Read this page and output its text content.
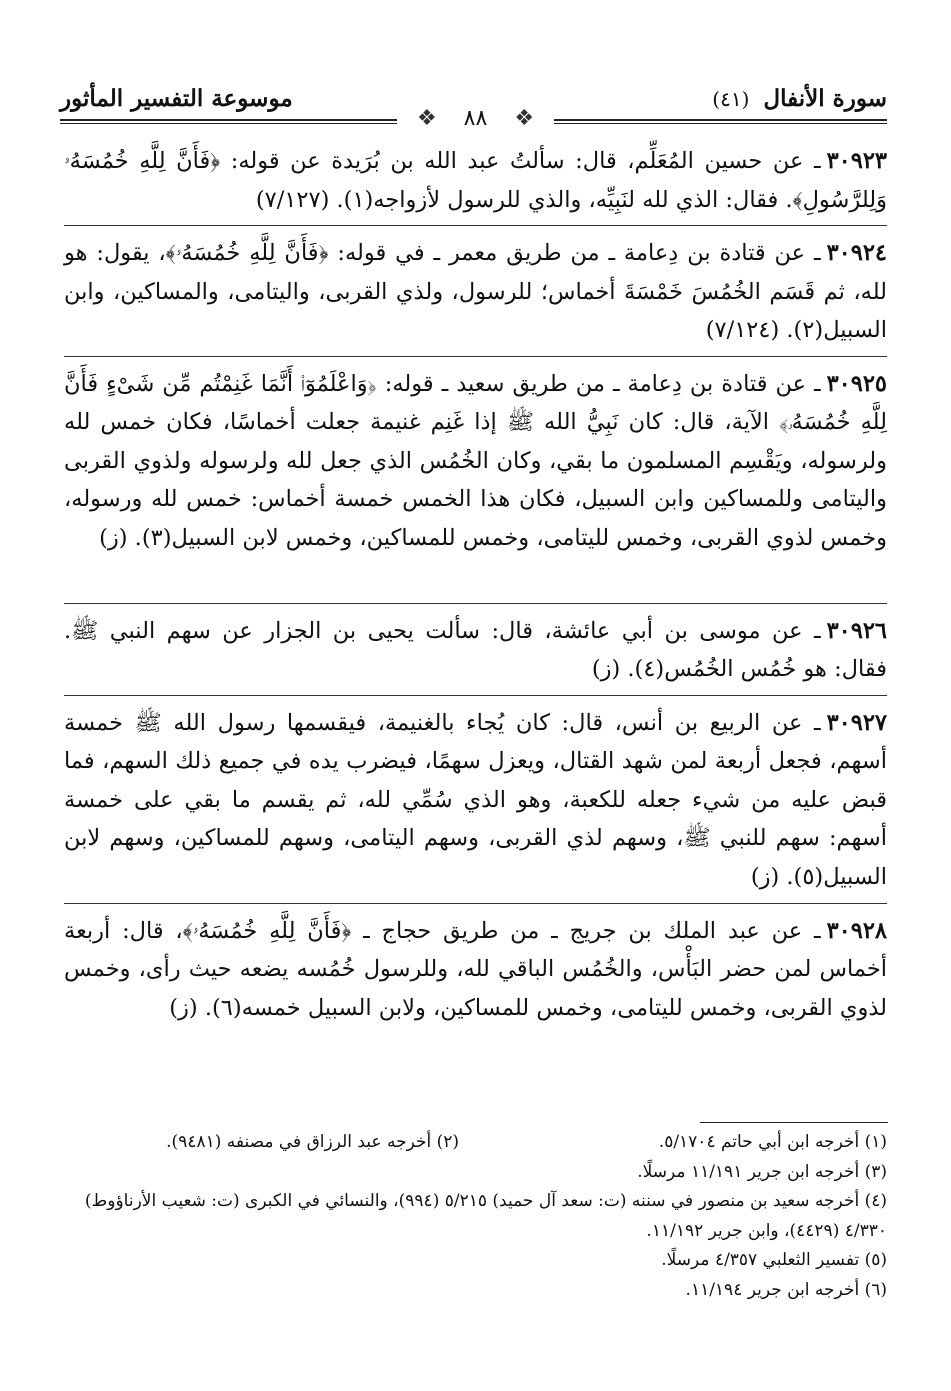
سورة الأنفال
(٤١)
موسوعة التفسير المأثور
❖ ٨٨ ❖

٣٠٩٢٣ـ عن حسين المُعَلِّم، قال: سألتُ عبد الله بن بُرَيدة عن قوله: ﴿فَأَنَّ لِلَّهِ خُمُسَهُۥ وَلِلرَّسُولِ﴾. فقال: الذي لله لنَبِيِّه، والذي للرسول لأزواجه(١). (٧/١٢٧)

٣٠٩٢٤ـ عن قتادة بن دِعامة ـ من طريق معمر ـ في قوله: ﴿فَأَنَّ لِلَّهِ خُمُسَهُۥ﴾، يقول: هو لله، ثم قَسَم الخُمُسَ خَمْسَةَ أخماس؛ للرسول، ولذي القربى، واليتامى، والمساكين، وابن السبيل(٢). (٧/١٢٤)

٣٠٩٢٥ـ عن قتادة بن دِعامة ـ من طريق سعيد ـ قوله: ﴿وَاعْلَمُوٓا۟ أَنَّمَا غَنِمْتُم مِّن شَىْءٍ فَأَنَّ لِلَّهِ خُمُسَهُۥ﴾ الآية، قال: كان نَبِيُّ الله ﷺ إذا غَنِم غنيمة جعلت أخماسًا، فكان خمس لله ولرسوله، ويَقْسِم المسلمون ما بقي، وكان الخُمُس الذي جعل لله ولرسوله ولذوي القربى واليتامى وللمساكين وابن السبيل، فكان هذا الخمس خمسة أخماس: خمس لله ورسوله، وخمس لذوي القربى، وخمس لليتامى، وخمس للمساكين، وخمس لابن السبيل(٣). (ز)

٣٠٩٢٦ـ عن موسى بن أبي عائشة، قال: سألت يحيى بن الجزار عن سهم النبي ﷺ. فقال: هو خُمُس الخُمُس(٤). (ز)

٣٠٩٢٧ـ عن الربيع بن أنس، قال: كان يُجاء بالغنيمة، فيقسمها رسول الله ﷺ خمسة أسهم، فجعل أربعة لمن شهد القتال، ويعزل سهمًا، فيضرب يده في جميع ذلك السهم، فما قبض عليه من شيء جعله للكعبة، وهو الذي سُمِّي لله، ثم يقسم ما بقي على خمسة أسهم: سهم للنبي ﷺ، وسهم لذي القربى، وسهم اليتامى، وسهم للمساكين، وسهم لابن السبيل(٥). (ز)

٣٠٩٢٨ـ عن عبد الملك بن جريج ـ من طريق حجاج ـ ﴿فَأَنَّ لِلَّهِ خُمُسَهُۥ﴾، قال: أربعة أخماس لمن حضر البَأْس، والخُمُس الباقي لله، وللرسول خُمُسه يضعه حيث رأى، وخمس لذوي القربى، وخمس لليتامى، وخمس للمساكين، ولابن السبيل خمسه(٦). (ز)

(١) أخرجه ابن أبي حاتم ٥/١٧٠٤.
(٢) أخرجه عبد الرزاق في مصنفه (٩٤٨١).
(٣) أخرجه ابن جرير ١١/١٩١ مرسلًا.
(٤) أخرجه سعيد بن منصور في سننه (ت: سعد آل حميد) ٥/٢١٥ (٩٩٤)، والنسائي في الكبرى (ت: شعيب الأرناؤوط) ٤/٣٣٠ (٤٤٢٩)، وابن جرير ١١/١٩٢.
(٥) تفسير الثعلبي ٤/٣٥٧ مرسلًا.
(٦) أخرجه ابن جرير ١١/١٩٤.
